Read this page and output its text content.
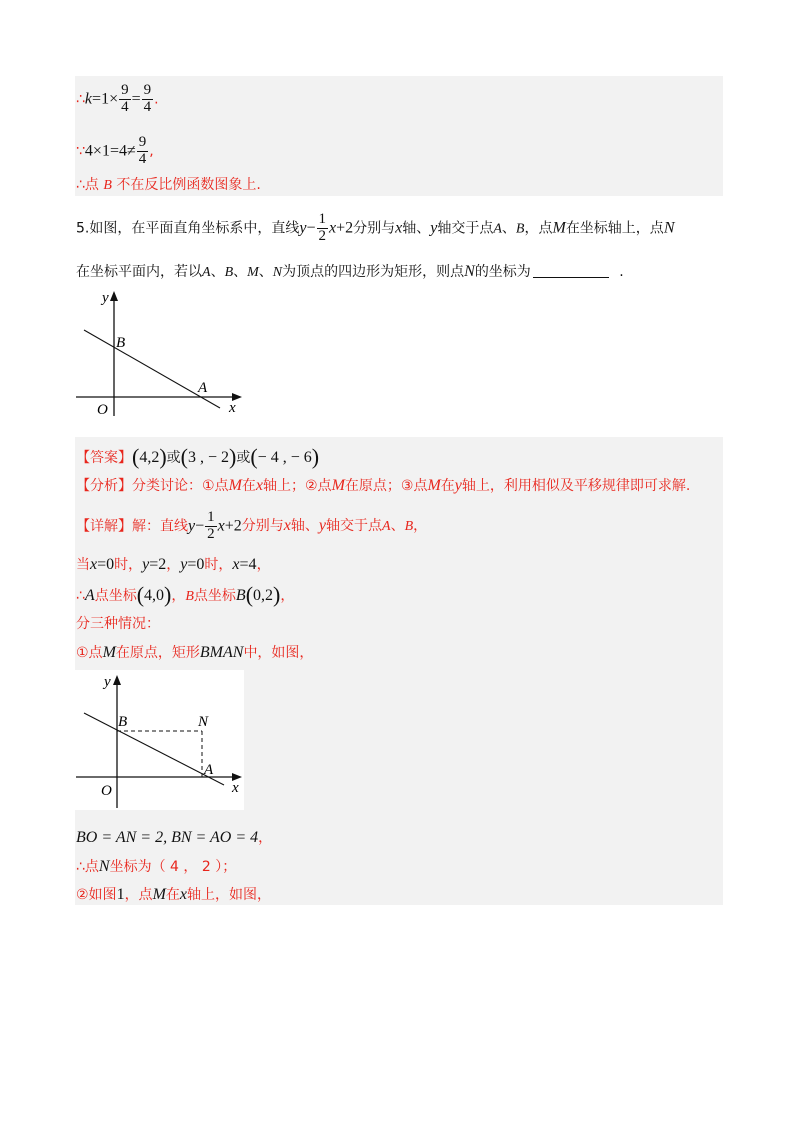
∴k=1× $\frac{9}{4} = \frac{9}{4}$ .
∵4×1=4≠ $\frac{9}{4}$ ,
∴点 B 不在反比例函数图象上.
5.如图，在平面直角坐标系中，直线$y- \frac{1}{2} x+2$分别与x轴、y轴交于点A、B，点M在坐标轴上，点N
在坐标平面内，若以A、B、M、N为顶点的四边形为矩形，则点N的坐标为	.
y
x
O
B
A
【答案】(4,2)或(3 , − 2)或(− 4 , − 6)
【分析】分类讨论：①点M在x轴上；②点M在原点；③点M在y轴上，利用相似及平移规律即可求解.
【详解】解：直线$y- \frac{1}{2} x+2$分别与x轴、y轴交于点A、B，
当x=0时，y=2，y=0时，x=4，
∴A点坐标(4,0)，B点坐标B(0,2)，
分三种情况：
①点M在原点，矩形BMAN中，如图，
y
x
O
B	N
A
BO = AN = 2, BN = AO = 4，
∴点N坐标为（ 4 ， 2 ）；
②如图1，点M在x轴上，如图，
